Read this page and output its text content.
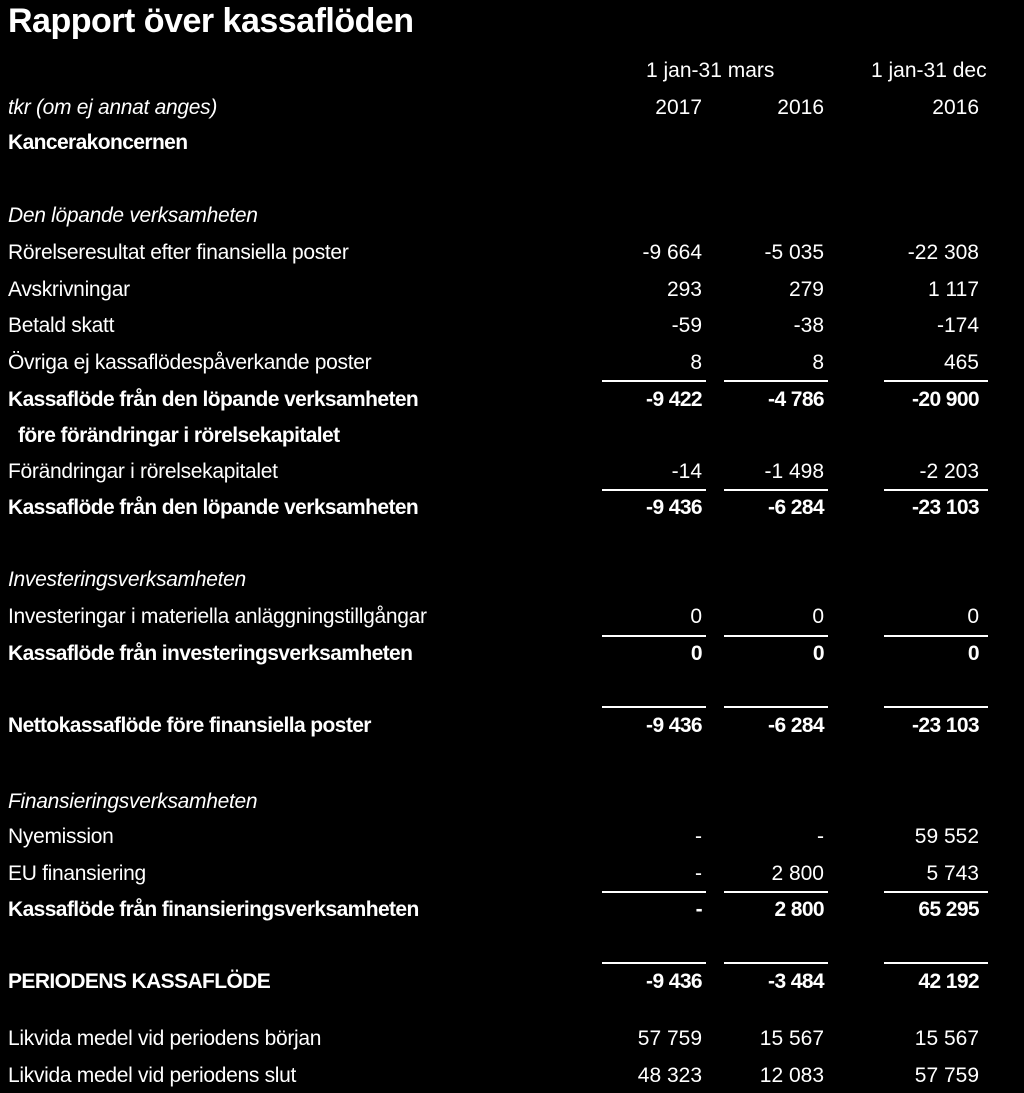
Rapport över kassaflöden
1 jan-31 mars	1 jan-31 dec
tkr (om ej annat anges)	2017	2016	2016
Kancerakoncernen
Den löpande verksamheten
Rörelseresultat efter finansiella poster	-9 664	-5 035	-22 308
Avskrivningar	293	279	1 117
Betald skatt	-59	-38	-174
Övriga ej kassaflödespåverkande poster	8	8	465
Kassaflöde från den löpande verksamheten	-9 422	-4 786	-20 900
före förändringar i rörelsekapitalet
Förändringar i rörelsekapitalet	-14	-1 498	-2 203
Kassaflöde från den löpande verksamheten	-9 436	-6 284	-23 103
Investeringsverksamheten
Investeringar i materiella anläggningstillgångar	0	0	0
Kassaflöde från investeringsverksamheten	0	0	0
Nettokassaflöde före finansiella poster	-9 436	-6 284	-23 103
Finansieringsverksamheten
Nyemission	-	-	59 552
EU finansiering	-	2 800	5 743
Kassaflöde från finansieringsverksamheten	-	2 800	65 295
PERIODENS KASSAFLÖDE	-9 436	-3 484	42 192
Likvida medel vid periodens början	57 759	15 567	15 567
Likvida medel vid periodens slut	48 323	12 083	57 759
